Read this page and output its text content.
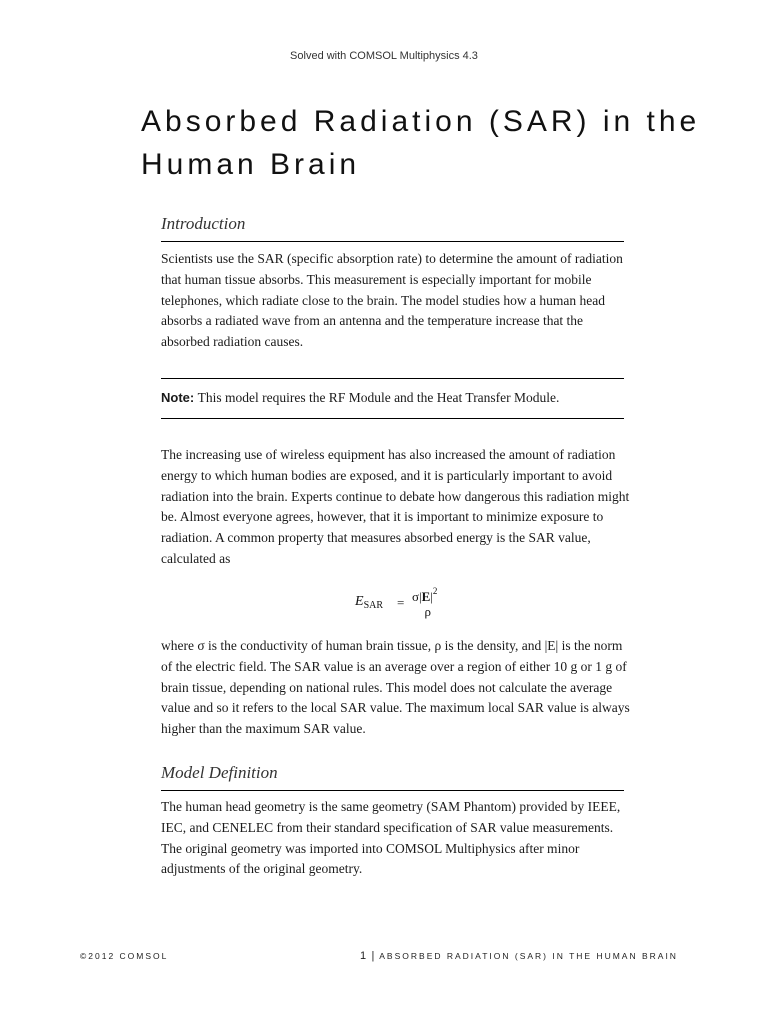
Solved with COMSOL Multiphysics 4.3
Absorbed Radiation (SAR) in the
Human Brain
Introduction

Scientists use the SAR (specific absorption rate) to determine the amount of radiation that human tissue absorbs. This measurement is especially important for mobile telephones, which radiate close to the brain. The model studies how a human head absorbs a radiated wave from an antenna and the temperature increase that the absorbed radiation causes.

Note: This model requires the RF Module and the Heat Transfer Module.

The increasing use of wireless equipment has also increased the amount of radiation energy to which human bodies are exposed, and it is particularly important to avoid radiation into the brain. Experts continue to debate how dangerous this radiation might be. Almost everyone agrees, however, that it is important to minimize exposure to radiation. A common property that measures absorbed energy is the SAR value, calculated as

$E_{SAR} = \sigma|E|^2$
ρ

where σ is the conductivity of human brain tissue, ρ is the density, and |E| is the norm of the electric field. The SAR value is an average over a region of either 10 g or 1 g of brain tissue, depending on national rules. This model does not calculate the average value and so it refers to the local SAR value. The maximum local SAR value is always higher than the maximum SAR value.

Model Definition

The human head geometry is the same geometry (SAM Phantom) provided by IEEE, IEC, and CENELEC from their standard specification of SAR value measurements. The original geometry was imported into COMSOL Multiphysics after minor adjustments of the original geometry.

©2012 COMSOL	1 | ABSORBED RADIATION (SAR) IN THE HUMAN BRAIN
